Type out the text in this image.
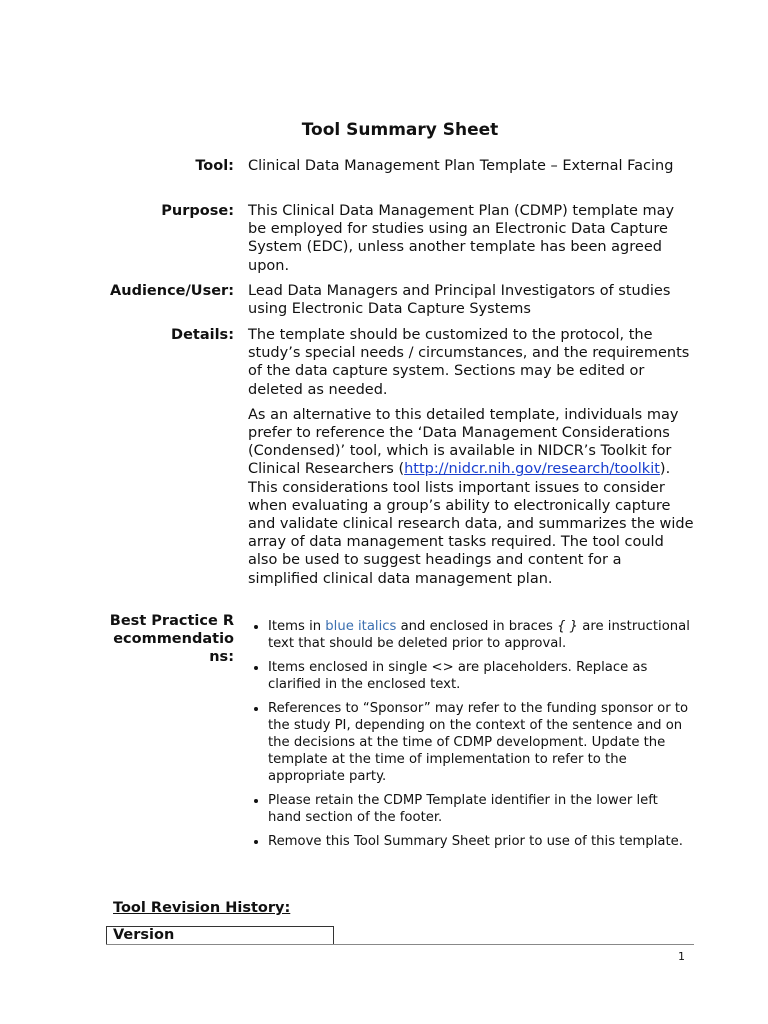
Tool Summary Sheet
Tool: Clinical Data Management Plan Template – External Facing
Purpose: This Clinical Data Management Plan (CDMP) template may be employed for studies using an Electronic Data Capture System (EDC), unless another template has been agreed upon.
Audience/User: Lead Data Managers and Principal Investigators of studies using Electronic Data Capture Systems
Details: The template should be customized to the protocol, the study’s special needs / circumstances, and the requirements of the data capture system. Sections may be edited or deleted as needed.

As an alternative to this detailed template, individuals may prefer to reference the ‘Data Management Considerations (Condensed)’ tool, which is available in NIDCR’s Toolkit for Clinical Researchers (http://nidcr.nih.gov/research/toolkit). This considerations tool lists important issues to consider when evaluating a group’s ability to electronically capture and validate clinical research data, and summarizes the wide array of data management tasks required. The tool could also be used to suggest headings and content for a simplified clinical data management plan.

Best Practice Recommendations:
• Items in blue italics and enclosed in braces { } are instructional text that should be deleted prior to approval.
• Items enclosed in single <> are placeholders. Replace as clarified in the enclosed text.
• References to “Sponsor” may refer to the funding sponsor or to the study PI, depending on the context of the sentence and on the decisions at the time of CDMP development. Update the template at the time of implementation to refer to the appropriate party.
• Please retain the CDMP Template identifier in the lower left hand section of the footer.
• Remove this Tool Summary Sheet prior to use of this template.
Tool Revision History:
Version
1
